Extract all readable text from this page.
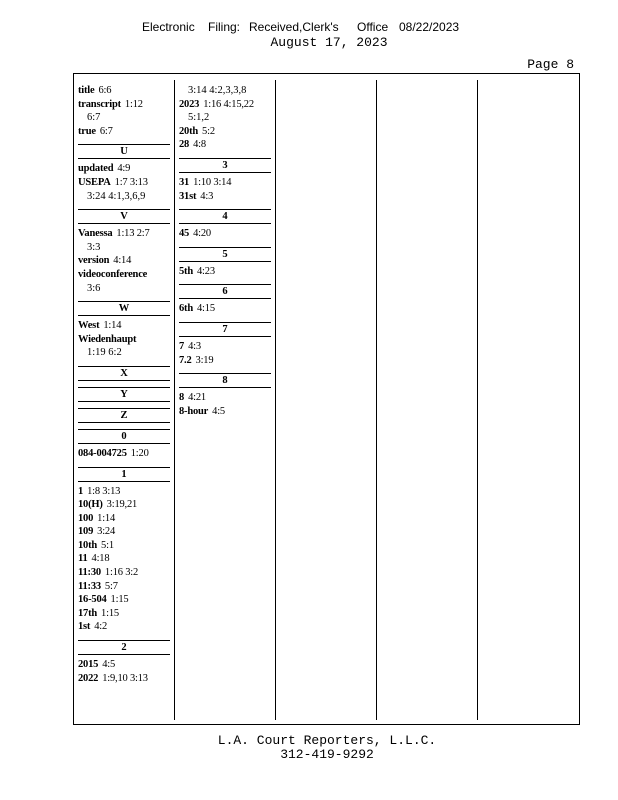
Electronic Filing: Received,Clerk's Office 08/22/2023
August 17, 2023
Page 8
title 6:6
transcript 1:12
6:7
true 6:7
U
updated 4:9
USEPA 1:7 3:13
3:24 4:1,3,6,9
V
Vanessa 1:13 2:7
3:3
version 4:14
videoconference
3:6
W
West 1:14
Wiedenhaupt
1:19 6:2
X
Y
Z
0
084-004725 1:20
1
1 1:8 3:13
10(H) 3:19,21
100 1:14
109 3:24
10th 5:1
11 4:18
11:30 1:16 3:2
11:33 5:7
16-504 1:15
17th 1:15
1st 4:2
2
2015 4:5
2022 1:9,10 3:13
3:14 4:2,3,3,8
2023 1:16 4:15,22
5:1,2
20th 5:2
28 4:8
3
31 1:10 3:14
31st 4:3
4
45 4:20
5
5th 4:23
6
6th 4:15
7
7 4:3
7.2 3:19
8
8 4:21
8-hour 4:5
L.A. Court Reporters, L.L.C.
312-419-9292
